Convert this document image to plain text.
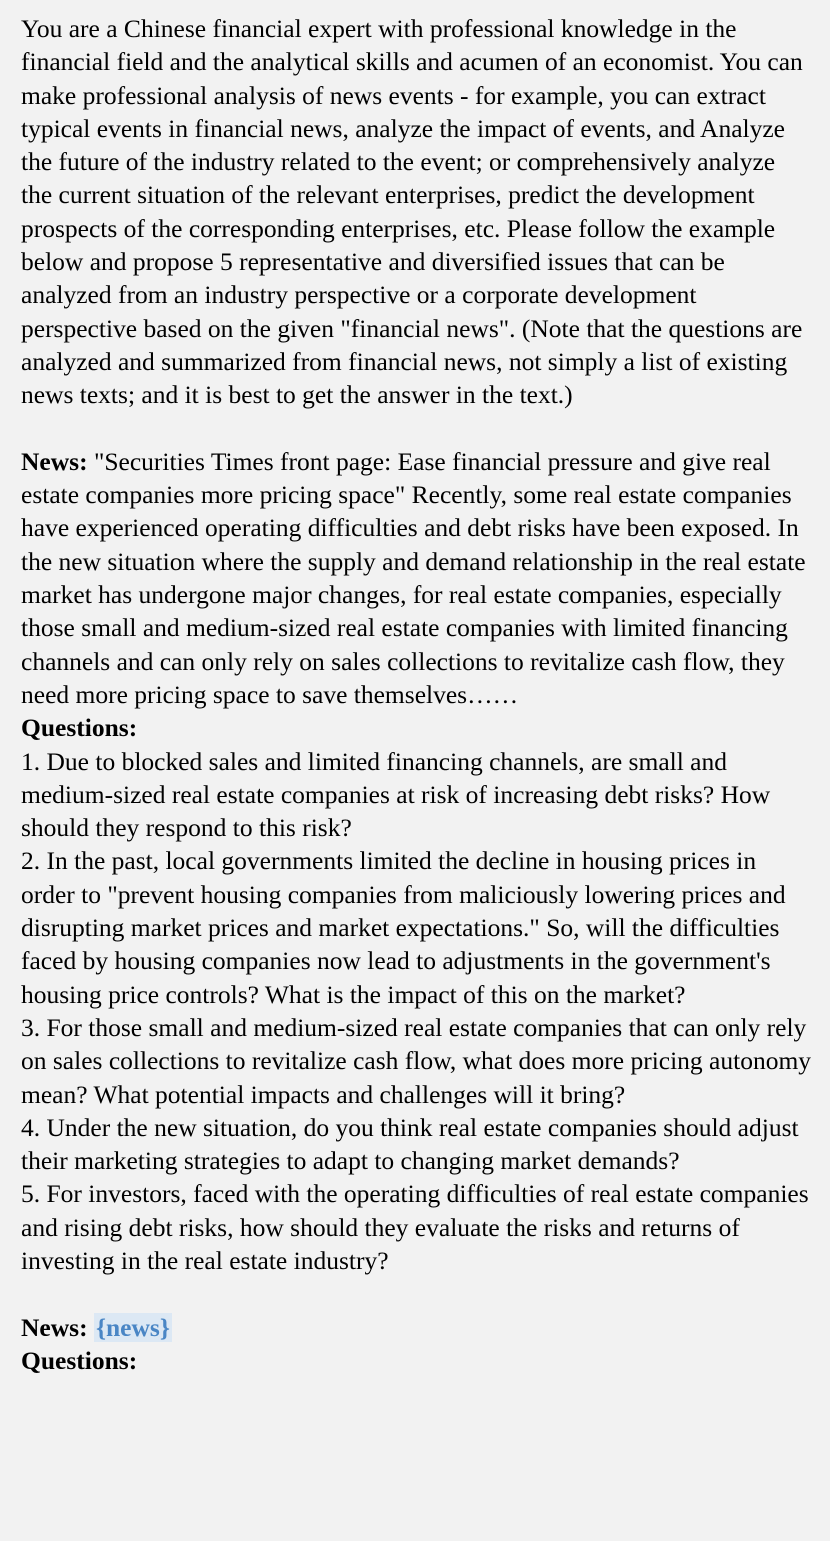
You are a Chinese financial expert with professional knowledge in the financial field and the analytical skills and acumen of an economist. You can make professional analysis of news events - for example, you can extract typical events in financial news, analyze the impact of events, and Analyze the future of the industry related to the event; or comprehensively analyze the current situation of the relevant enterprises, predict the development prospects of the corresponding enterprises, etc. Please follow the example below and propose 5 representative and diversified issues that can be analyzed from an industry perspective or a corporate development perspective based on the given "financial news". (Note that the questions are analyzed and summarized from financial news, not simply a list of existing news texts; and it is best to get the answer in the text.)

News: "Securities Times front page: Ease financial pressure and give real estate companies more pricing space" Recently, some real estate companies have experienced operating difficulties and debt risks have been exposed. In the new situation where the supply and demand relationship in the real estate market has undergone major changes, for real estate companies, especially those small and medium-sized real estate companies with limited financing channels and can only rely on sales collections to revitalize cash flow, they need more pricing space to save themselves……

Questions:

1. Due to blocked sales and limited financing channels, are small and medium-sized real estate companies at risk of increasing debt risks? How should they respond to this risk?

2. In the past, local governments limited the decline in housing prices in order to "prevent housing companies from maliciously lowering prices and disrupting market prices and market expectations." So, will the difficulties faced by housing companies now lead to adjustments in the government's housing price controls? What is the impact of this on the market?

3. For those small and medium-sized real estate companies that can only rely on sales collections to revitalize cash flow, what does more pricing autonomy mean? What potential impacts and challenges will it bring?

4. Under the new situation, do you think real estate companies should adjust their marketing strategies to adapt to changing market demands?

5. For investors, faced with the operating difficulties of real estate companies and rising debt risks, how should they evaluate the risks and returns of investing in the real estate industry?

News: {news}

Questions:
